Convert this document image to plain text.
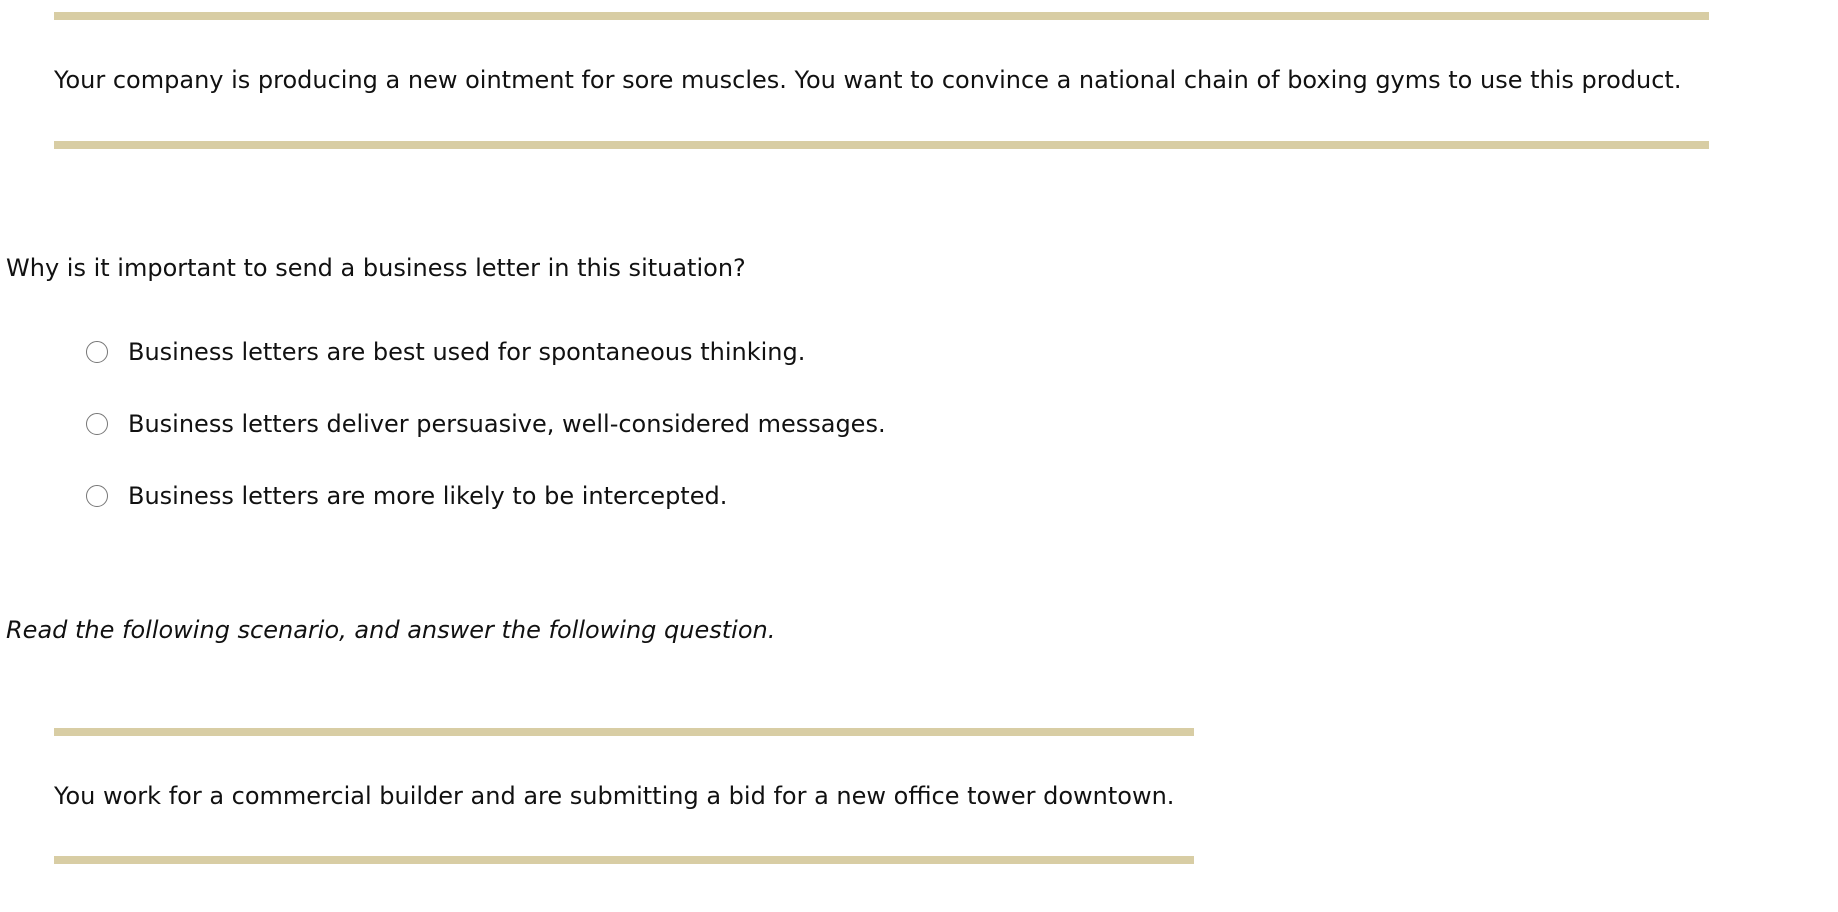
Your company is producing a new ointment for sore muscles. You want to convince a national chain of boxing gyms to use this product.
Why is it important to send a business letter in this situation?
Business letters are best used for spontaneous thinking.
Business letters deliver persuasive, well-considered messages.
Business letters are more likely to be intercepted.
Read the following scenario, and answer the following question.
You work for a commercial builder and are submitting a bid for a new office tower downtown.
